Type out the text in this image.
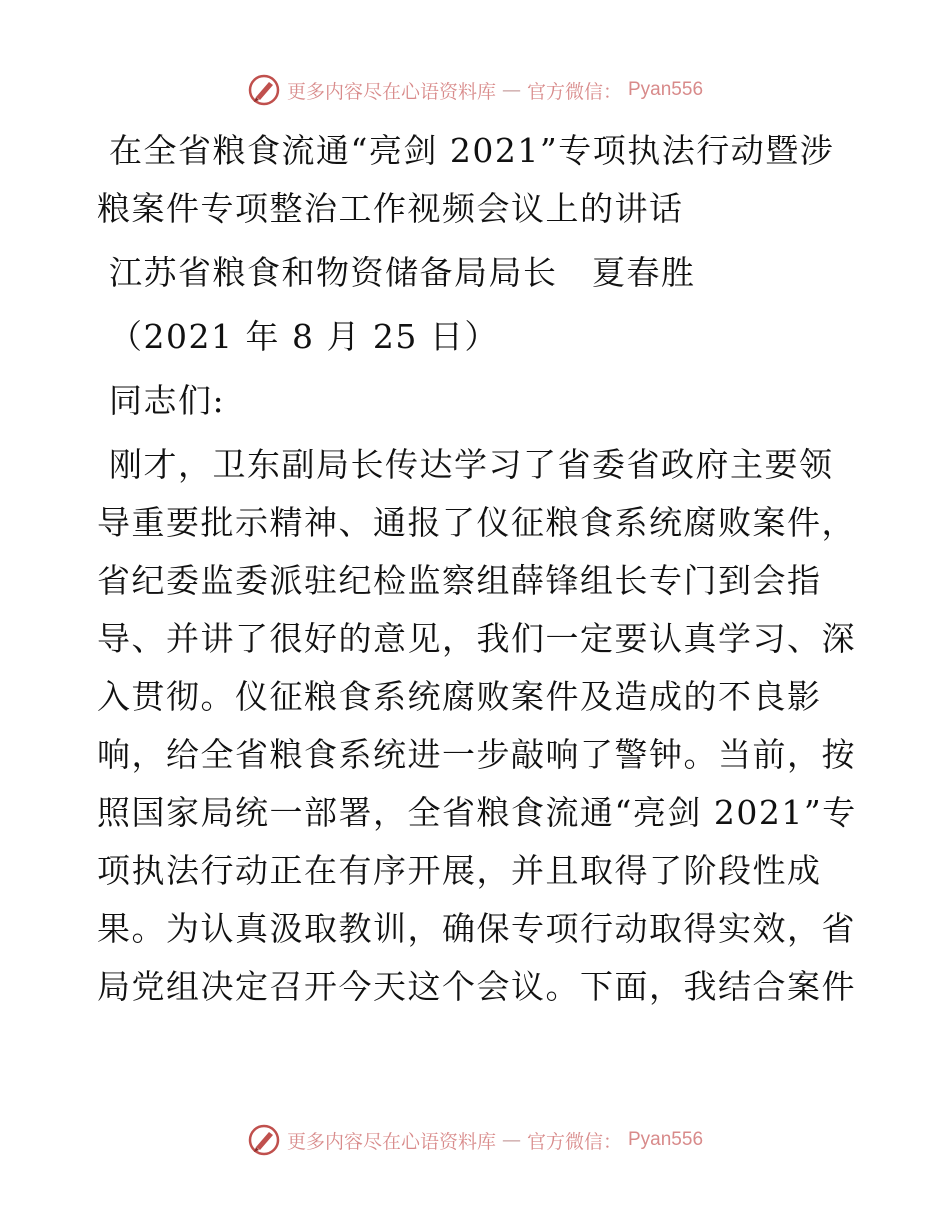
更多内容尽在心语资料库 — 官方微信： Pyan556
在全省粮食流通“亮剑 2021”专项执法行动暨涉
粮案件专项整治工作视频会议上的讲话
江苏省粮食和物资储备局局长　夏春胜
（2021 年 8 月 25 日）
同志们:
刚才，卫东副局长传达学习了省委省政府主要领
导重要批示精神、通报了仪征粮食系统腐败案件，
省纪委监委派驻纪检监察组薛锋组长专门到会指
导、并讲了很好的意见，我们一定要认真学习、深
入贯彻。仪征粮食系统腐败案件及造成的不良影
响，给全省粮食系统进一步敲响了警钟。当前，按
照国家局统一部署，全省粮食流通“亮剑 2021”专
项执法行动正在有序开展，并且取得了阶段性成
果。为认真汲取教训，确保专项行动取得实效，省
局党组决定召开今天这个会议。下面，我结合案件
更多内容尽在心语资料库 — 官方微信： Pyan556
